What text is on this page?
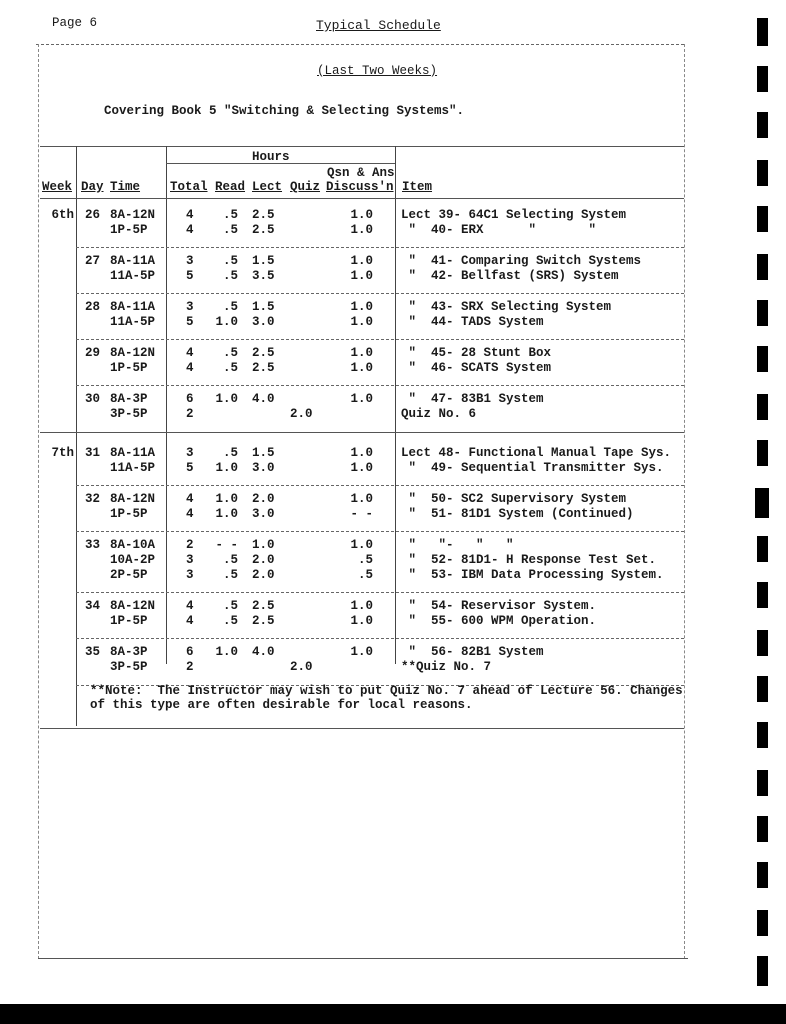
Page 6	Typical Schedule
(Last Two Weeks)
Covering Book 5 "Switching & Selecting Systems".
Hours
Qsn & Ans
Week Day Time Total Read Lect Quiz Discuss'n Item
6th 26 8A-12N 4 .5 2.5	1.0 Lect 39- 64C1 Selecting System
1P-5P	4 .5 2.5	1.0 "  40- ERX      "       "
27 8A-11A 3 .5 1.5	1.0 "  41- Comparing Switch Systems
11A-5P 5 .5 3.5	1.0 "  42- Bellfast (SRS) System
28 8A-11A 3 .5 1.5	1.0 "  43- SRX Selecting System
11A-5P 5 1.0 3.0	1.0 "  44- TADS System
29 8A-12N 4 .5 2.5	1.0 "  45- 28 Stunt Box
1P-5P	4 .5 2.5	1.0 "  46- SCATS System
30 8A-3P	6 1.0 4.0	1.0 "  47- 83B1 System
3P-5P	2	2.0	Quiz No. 6
7th 31 8A-11A 3 .5 1.5	1.0 Lect 48- Functional Manual Tape Sys.
11A-5P 5 1.0 3.0	1.0 "  49- Sequential Transmitter Sys.
32 8A-12N 4 1.0 2.0	1.0 "  50- SC2 Supervisory System
1P-5P	4 1.0 3.0	- - "  51- 81D1 System (Continued)
33 8A-10A 2 - - 1.0	1.0 "   "-   "   "
10A-2P 3 .5 2.0	.5 "  52- 81D1- H Response Test Set.
2P-5P	3 .5 2.0	.5 "  53- IBM Data Processing System.
34 8A-12N 4 .5 2.5	1.0 "  54- Reservisor System.
1P-5P	4 .5 2.5	1.0 "  55- 600 WPM Operation.
35 8A-3P	6 1.0 4.0	1.0 "  56- 82B1 System
3P-5P	2	2.0	**Quiz No. 7
**Note:  The Instructor may wish to put Quiz No. 7 ahead of Lecture 56. Changes
of this type are often desirable for local reasons.
